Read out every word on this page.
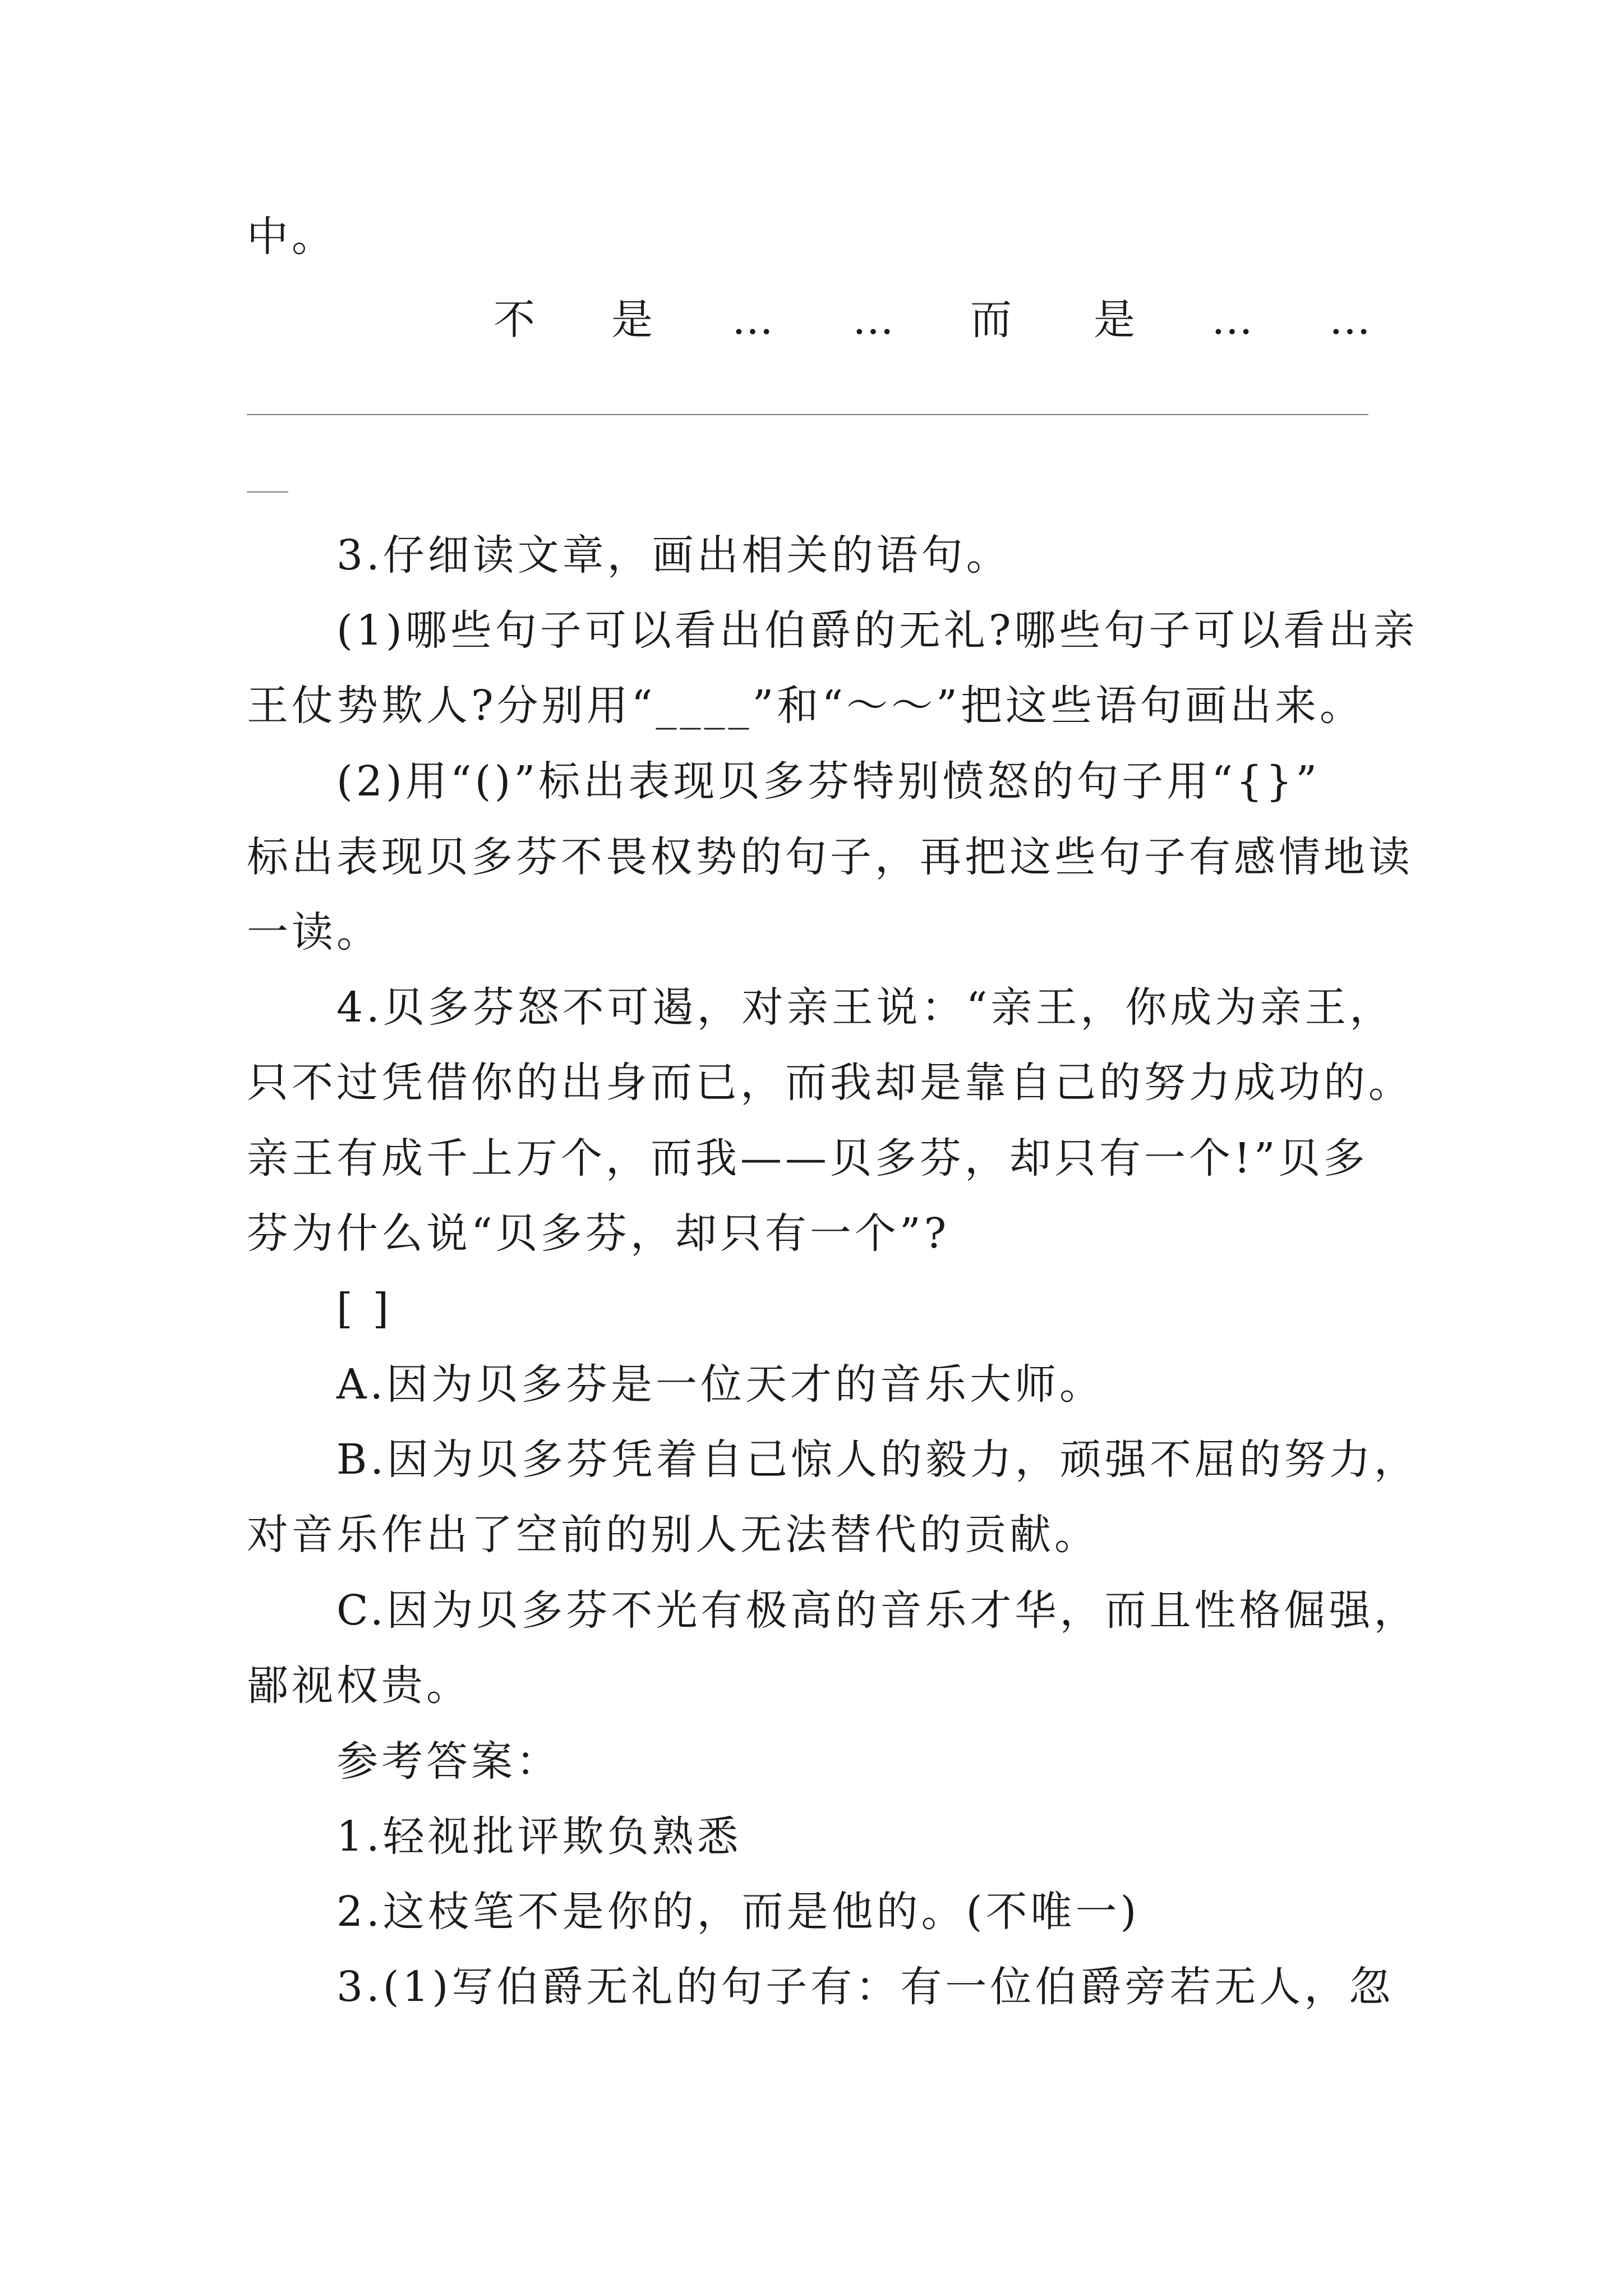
中。
不 是 … … 而 是 … …
3.仔细读文章，画出相关的语句。
(1)哪些句子可以看出伯爵的无礼?哪些句子可以看出亲
王仗势欺人?分别用“____”和“～～”把这些语句画出来。
(2)用“()”标出表现贝多芬特别愤怒的句子用“{}”
标出表现贝多芬不畏权势的句子，再把这些句子有感情地读
一读。
4.贝多芬怒不可遏，对亲王说：“亲王，你成为亲王，
只不过凭借你的出身而已，而我却是靠自己的努力成功的。
亲王有成千上万个，而我——贝多芬，却只有一个!”贝多
芬为什么说“贝多芬，却只有一个”?
[ ]
A.因为贝多芬是一位天才的音乐大师。
B.因为贝多芬凭着自己惊人的毅力，顽强不屈的努力，
对音乐作出了空前的别人无法替代的贡献。
C.因为贝多芬不光有极高的音乐才华，而且性格倔强，
鄙视权贵。
参考答案：
1.轻视批评欺负熟悉
2.这枝笔不是你的，而是他的。(不唯一)
3.(1)写伯爵无礼的句子有：有一位伯爵旁若无人，忽
